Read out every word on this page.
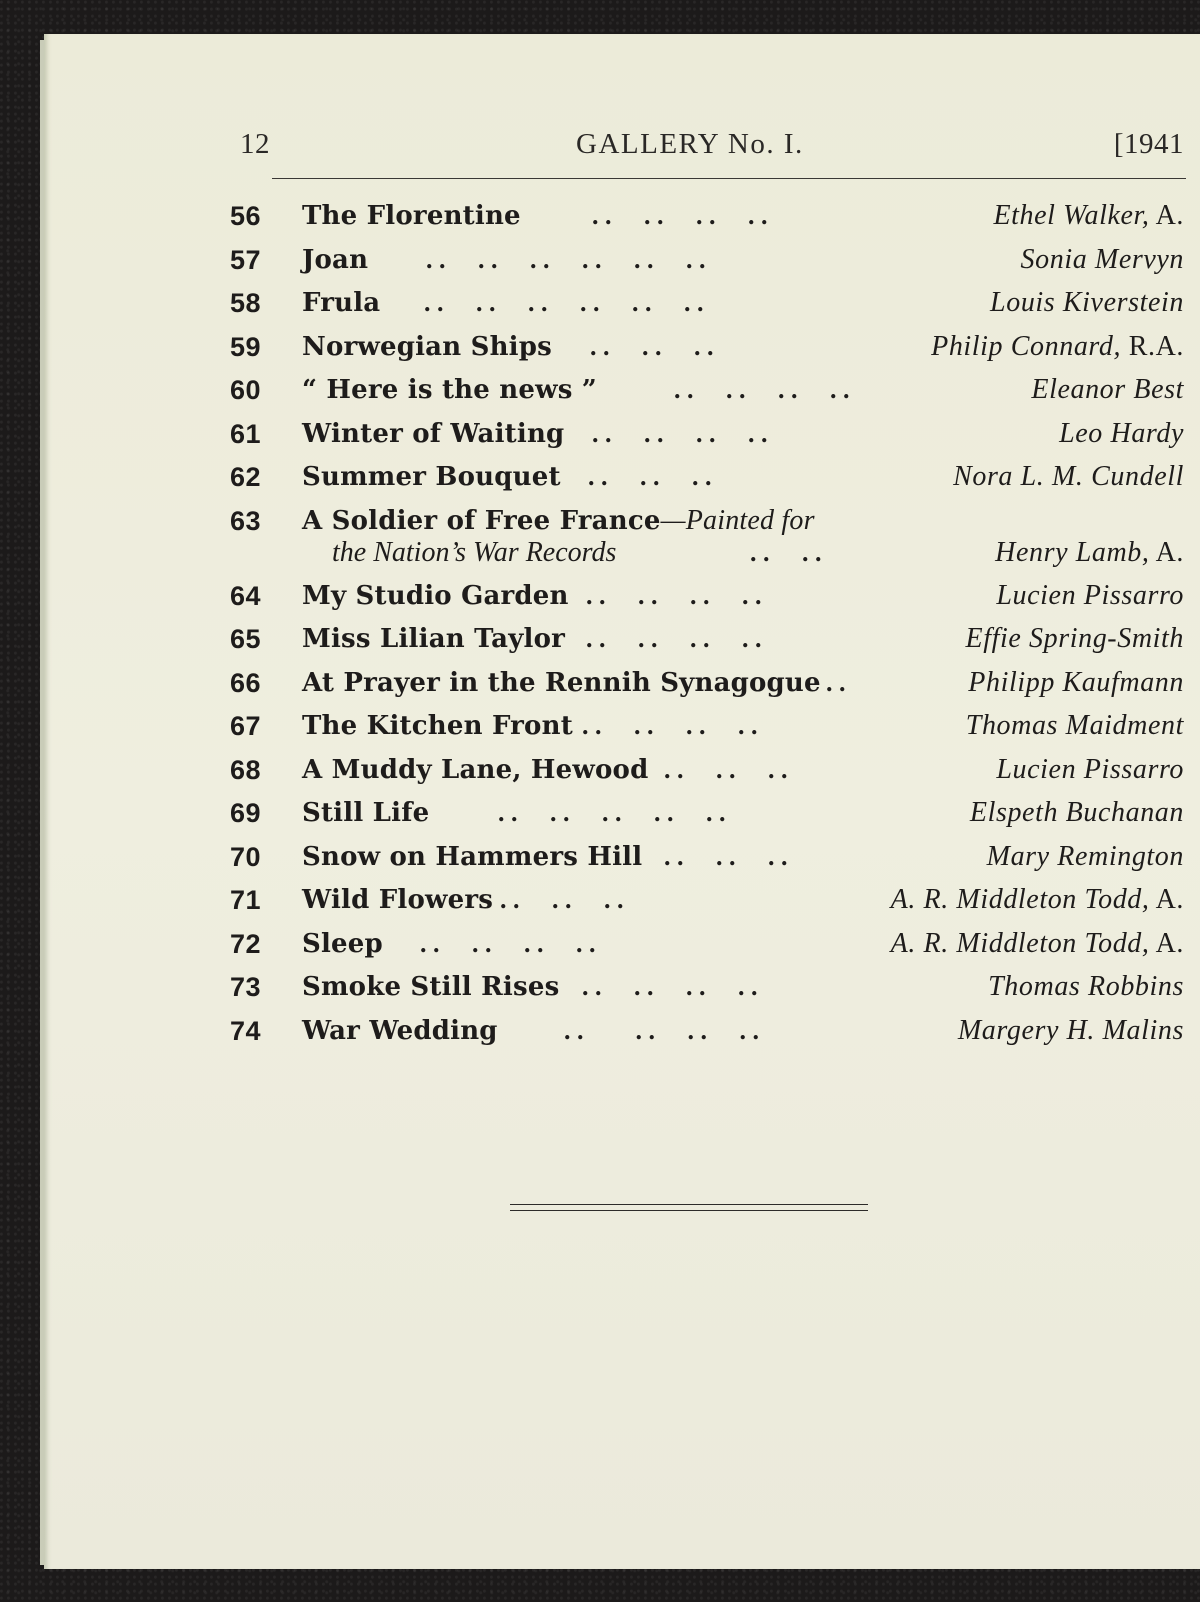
12	GALLERY No. I.	[1941
56	The Florentine	. .     . .     . .     . .	Ethel Walker, A.
57	Joan . .     . .     . .     . .     . .     . .	Sonia Mervyn
58	Frula . .     . .     . .     . .     . .     . .	Louis Kiverstein
59	Norwegian Ships . .     . .     . .	Philip Connard, R.A.
60	“ Here is the news ”	. .     . .     . .     . .	Eleanor Best
61	Winter of Waiting . .     . .     . .     . .	Leo Hardy
62	Summer Bouquet . .     . .     . .	Nora L. M. Cundell
63	A Soldier of Free France—Painted for
the Nation’s War Records	. .     . .	Henry Lamb, A.
64	My Studio Garden . .     . .     . .     . .	Lucien Pissarro
65	Miss Lilian Taylor . .     . .     . .     . .	Effie Spring-Smith
66	At Prayer in the Rennih Synagogue . .	Philipp Kaufmann
67	The Kitchen Front . .     . .     . .     . .	Thomas Maidment
68	A Muddy Lane, Hewood . .     . .     . .	Lucien Pissarro
69	Still Life	. .     . .     . .     . .     . .	Elspeth Buchanan
70	Snow on Hammers Hill . .     . .     . .	Mary Remington
71	Wild Flowers . .     . .     . .	A. R. Middleton Todd, A.
72	Sleep . .     . .     . .     . .	A. R. Middleton Todd, A.
73	Smoke Still Rises . .     . .     . .     . .	Thomas Robbins
74	War Wedding	. .        . .     . .     . .	Margery H. Malins
